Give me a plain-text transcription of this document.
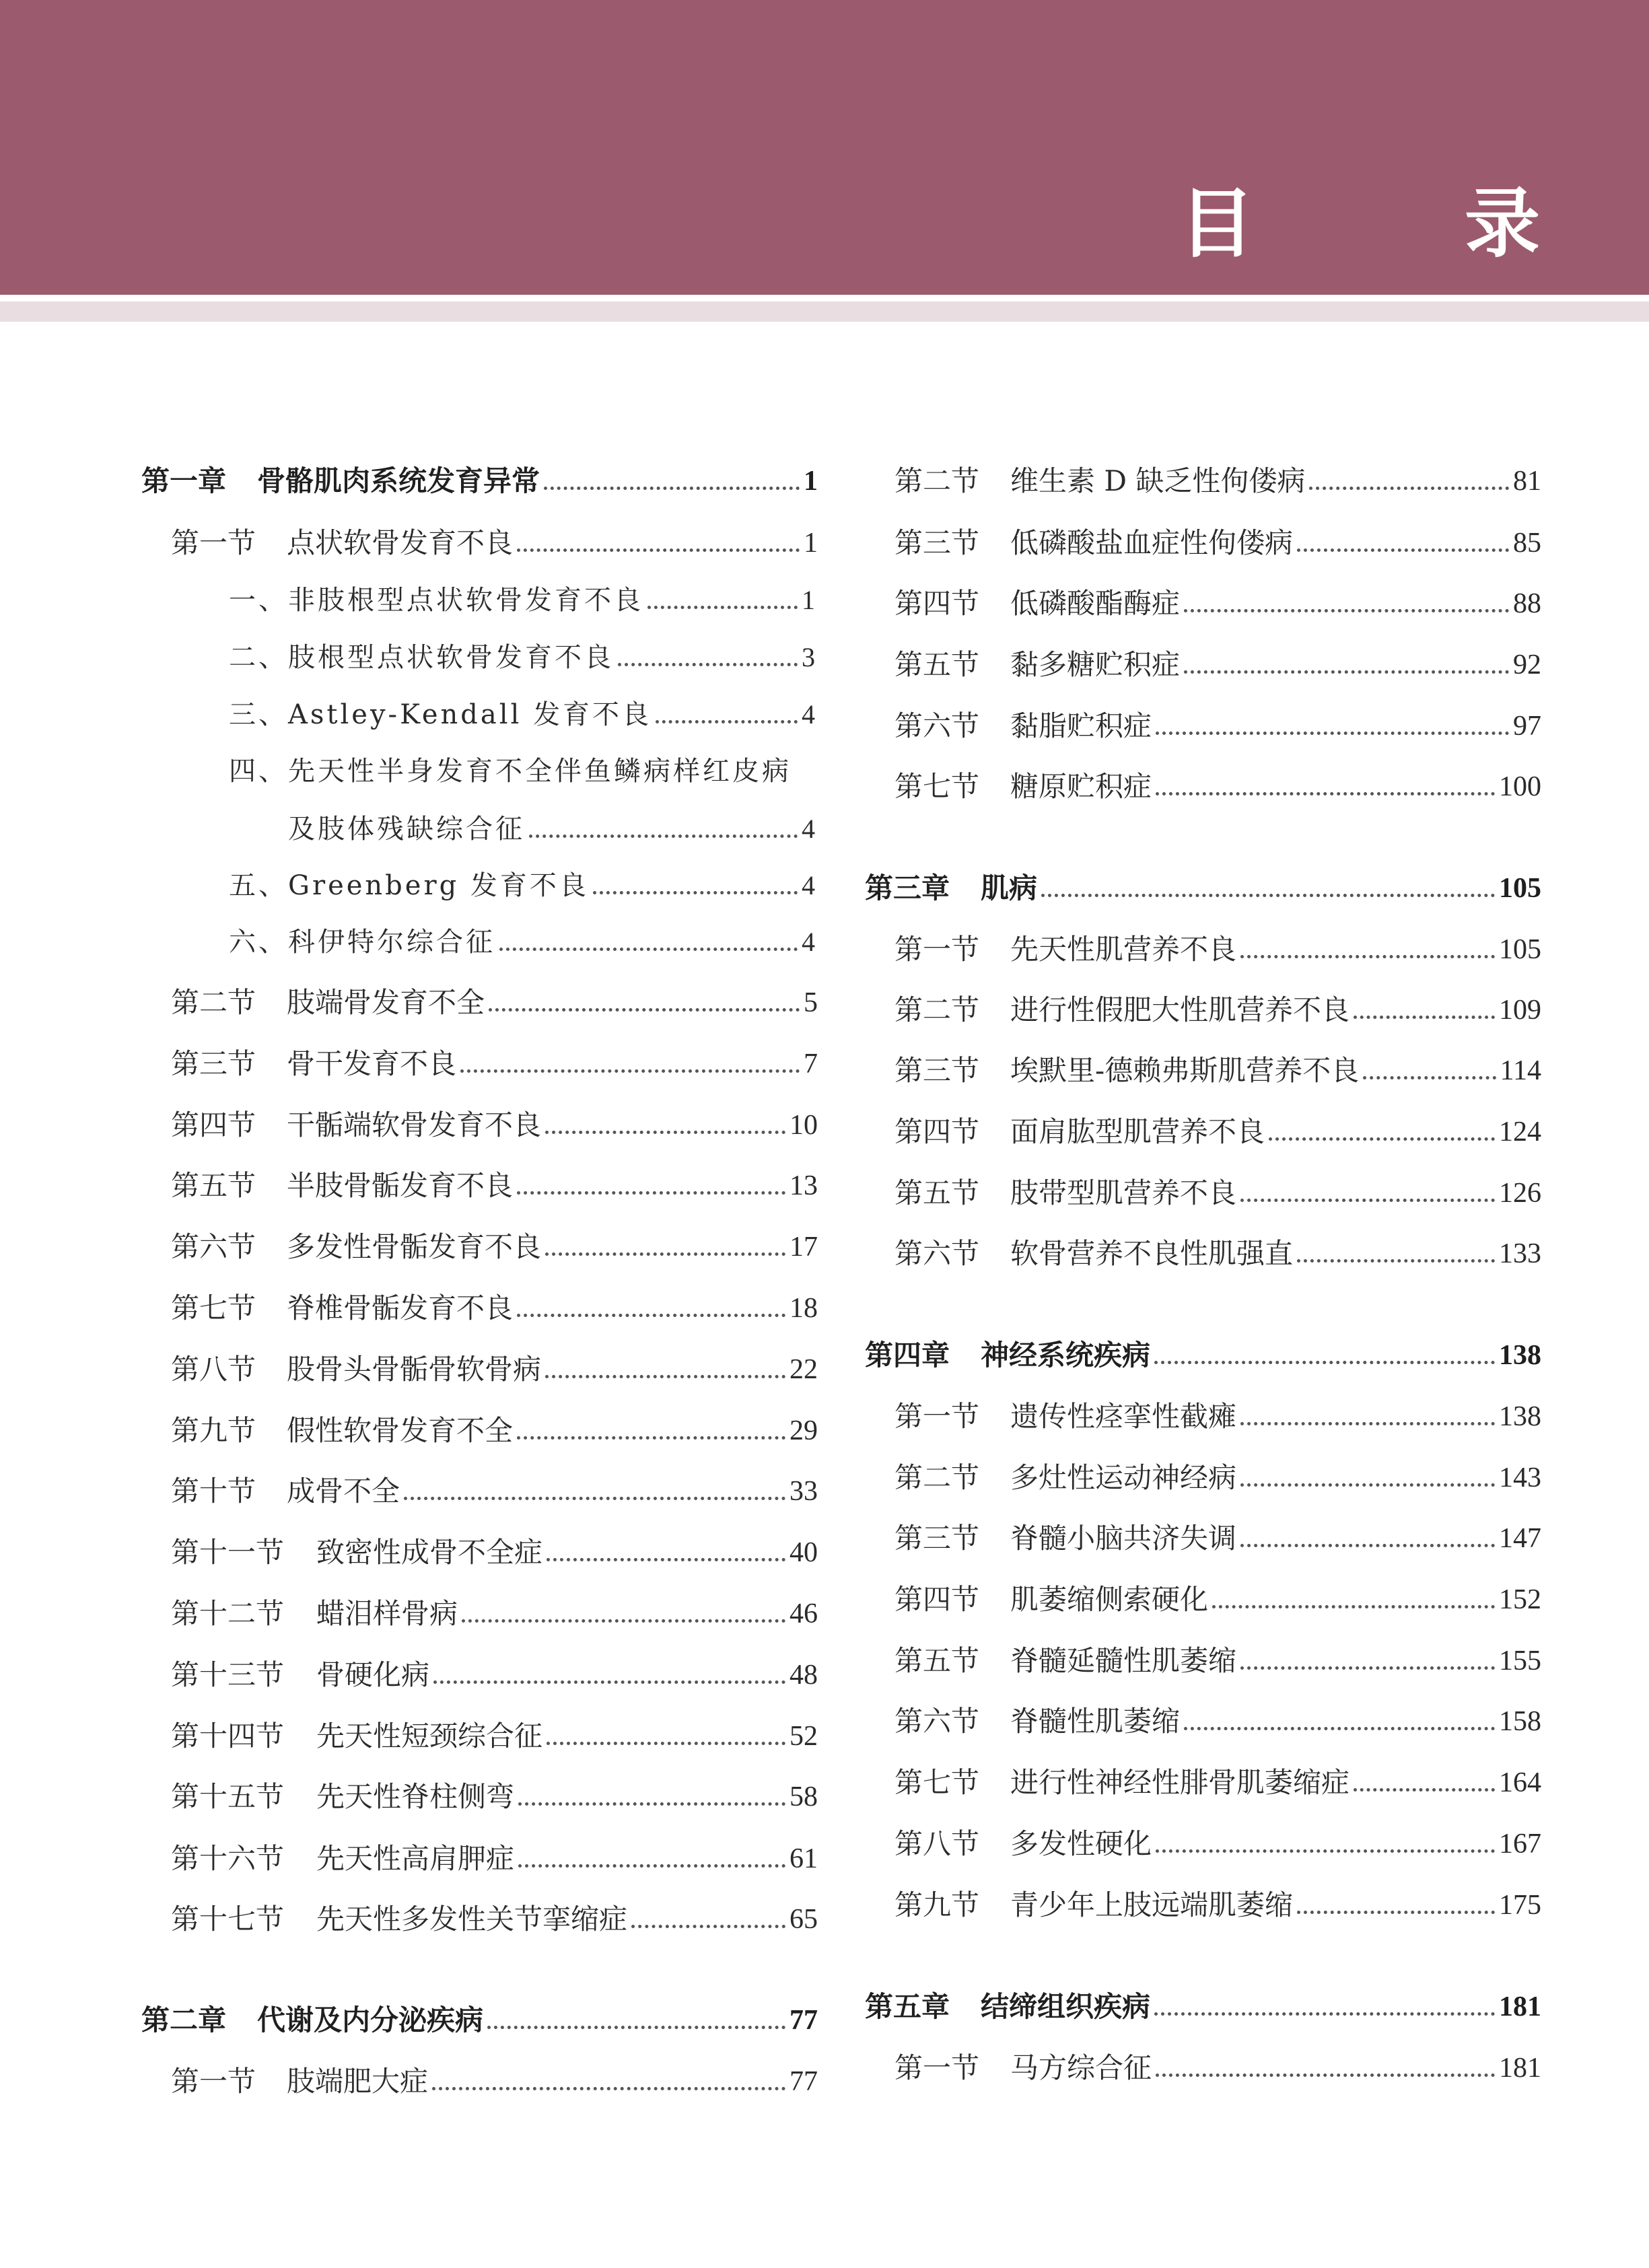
目　录
第一章	骨骼肌肉系统发育异常	1
第一节	点状软骨发育不良	1
一、 非肢根型点状软骨发育不良	1
二、 肢根型点状软骨发育不良	3
三、 Astley-Kendall 发育不良	4
四、 先天性半身发育不全伴鱼鳞病样红皮病
及肢体残缺综合征	4
五、 Greenberg 发育不良	4
六、 科伊特尔综合征	4
第二节	肢端骨发育不全	5
第三节	骨干发育不良	7
第四节	干骺端软骨发育不良	10
第五节	半肢骨骺发育不良	13
第六节	多发性骨骺发育不良	17
第七节	脊椎骨骺发育不良	18
第八节	股骨头骨骺骨软骨病	22
第九节	假性软骨发育不全	29
第十节	成骨不全	33
第十一节	致密性成骨不全症	40
第十二节	蜡泪样骨病	46
第十三节	骨硬化病	48
第十四节	先天性短颈综合征	52
第十五节	先天性脊柱侧弯	58
第十六节	先天性高肩胛症	61
第十七节	先天性多发性关节挛缩症	65
第二章	代谢及内分泌疾病	77
第一节	肢端肥大症	77
第二节	维生素 D 缺乏性佝偻病	81
第三节	低磷酸盐血症性佝偻病	85
第四节	低磷酸酯酶症	88
第五节	黏多糖贮积症	92
第六节	黏脂贮积症	97
第七节	糖原贮积症	100
第三章	肌病	105
第一节	先天性肌营养不良	105
第二节	进行性假肥大性肌营养不良	109
第三节	埃默里-德赖弗斯肌营养不良	114
第四节	面肩肱型肌营养不良	124
第五节	肢带型肌营养不良	126
第六节	软骨营养不良性肌强直	133
第四章	神经系统疾病	138
第一节	遗传性痉挛性截瘫	138
第二节	多灶性运动神经病	143
第三节	脊髓小脑共济失调	147
第四节	肌萎缩侧索硬化	152
第五节	脊髓延髓性肌萎缩	155
第六节	脊髓性肌萎缩	158
第七节	进行性神经性腓骨肌萎缩症	164
第八节	多发性硬化	167
第九节	青少年上肢远端肌萎缩	175
第五章	结缔组织疾病	181
第一节	马方综合征	181
